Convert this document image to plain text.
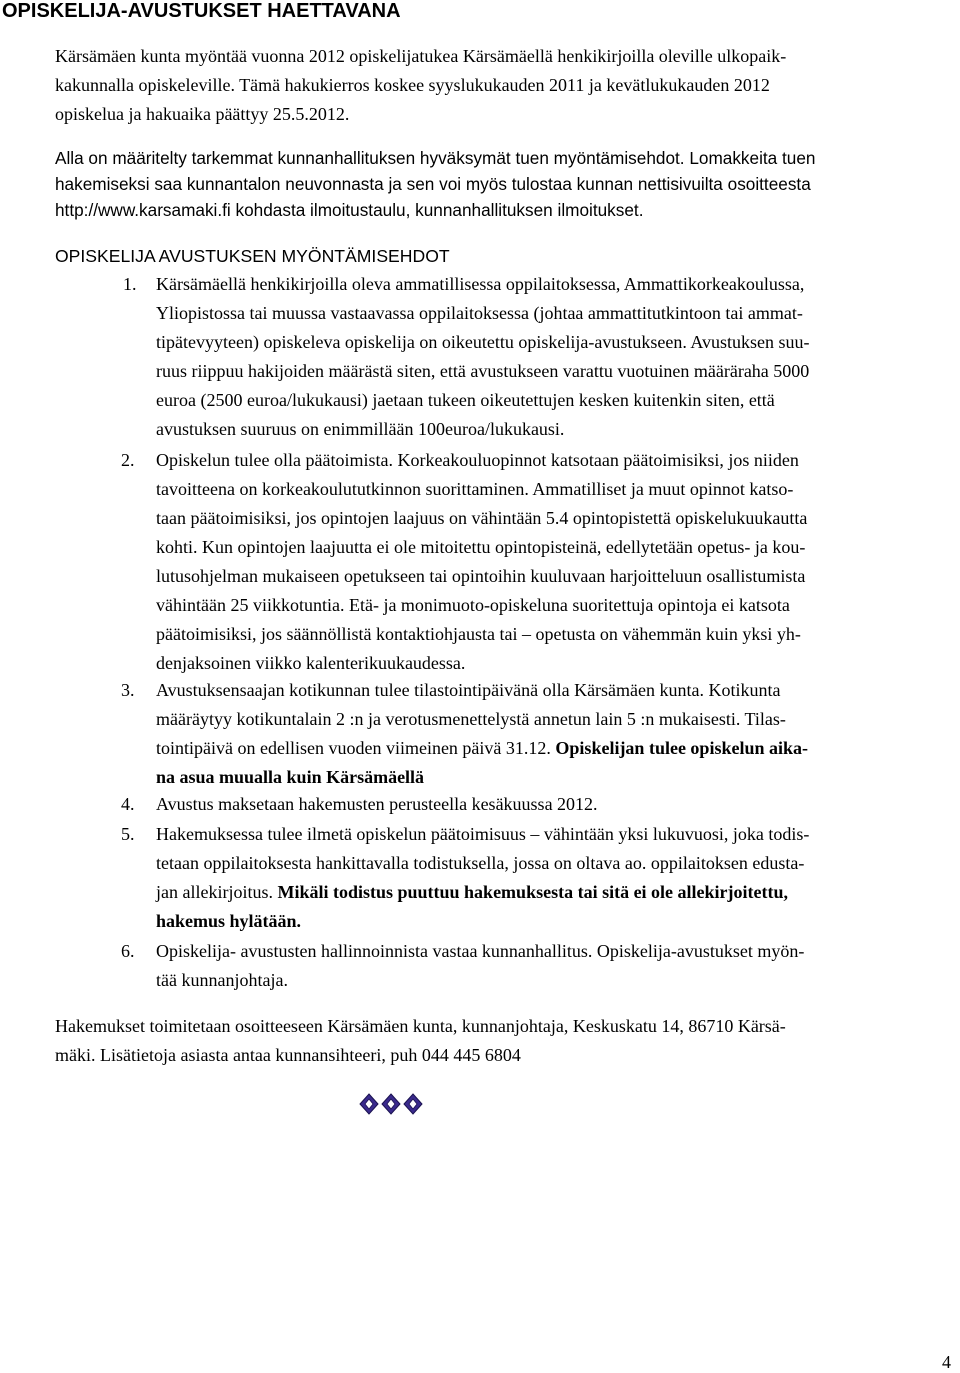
OPISKELIJA-AVUSTUKSET HAETTAVANA
Kärsämäen kunta myöntää vuonna 2012 opiskelijatukea Kärsämäellä henkikirjoilla oleville ulkopaik-
kakunnalla opiskeleville. Tämä hakukierros koskee syyslukukauden 2011 ja kevätlukukauden 2012
opiskelua ja hakuaika päättyy 25.5.2012.
Alla on määritelty tarkemmat kunnanhallituksen hyväksymät tuen myöntämisehdot. Lomakkeita tuen
hakemiseksi saa kunnantalon neuvonnasta ja sen voi myös tulostaa kunnan nettisivuilta osoitteesta
http://www.karsamaki.fi kohdasta ilmoitustaulu, kunnanhallituksen ilmoitukset.
OPISKELIJA AVUSTUKSEN MYÖNTÄMISEHDOT
1.	Kärsämäellä henkikirjoilla oleva ammatillisessa oppilaitoksessa, Ammattikorkeakoulussa,
Yliopistossa tai muussa vastaavassa oppilaitoksessa (johtaa ammattitutkintoon tai ammat-
tipätevyyteen) opiskeleva opiskelija on oikeutettu opiskelija-avustukseen. Avustuksen suu-
ruus riippuu hakijoiden määrästä siten, että avustukseen varattu vuotuinen määräraha 5000
euroa (2500 euroa/lukukausi) jaetaan tukeen oikeutettujen kesken kuitenkin siten, että
avustuksen suuruus on enimmillään 100euroa/lukukausi.
2.	Opiskelun tulee olla päätoimista. Korkeakouluopinnot katsotaan päätoimisiksi, jos niiden
tavoitteena on korkeakoulututkinnon suorittaminen. Ammatilliset ja muut opinnot katso-
taan päätoimisiksi, jos opintojen laajuus on vähintään 5.4 opintopistettä opiskelukuukautta
kohti. Kun opintojen laajuutta ei ole mitoitettu opintopisteinä, edellytetään opetus- ja kou-
lutusohjelman mukaiseen opetukseen tai opintoihin kuuluvaan harjoitteluun osallistumista
vähintään 25 viikkotuntia. Etä- ja monimuoto-opiskeluna suoritettuja opintoja ei katsota
päätoimisiksi, jos säännöllistä kontaktiohjausta tai – opetusta on vähemmän kuin yksi yh-
denjaksoinen viikko kalenterikuukaudessa.
3.	Avustuksensaajan kotikunnan tulee tilastointipäivänä olla Kärsämäen kunta. Kotikunta
määräytyy kotikuntalain 2 :n ja verotusmenettelystä annetun lain 5 :n mukaisesti. Tilas-
tointipäivä on edellisen vuoden viimeinen päivä 31.12. Opiskelijan tulee opiskelun aika-
na asua muualla kuin Kärsämäellä
4.	Avustus maksetaan hakemusten perusteella kesäkuussa 2012.
5.	Hakemuksessa tulee ilmetä opiskelun päätoimisuus – vähintään yksi lukuvuosi, joka todis-
tetaan oppilaitoksesta hankittavalla todistuksella, jossa on oltava ao. oppilaitoksen edusta-
jan allekirjoitus. Mikäli todistus puuttuu hakemuksesta tai sitä ei ole allekirjoitettu,
hakemus hylätään.
6.	Opiskelija- avustusten hallinnoinnista vastaa kunnanhallitus. Opiskelija-avustukset myön-
tää kunnanjohtaja.
Hakemukset toimitetaan osoitteeseen Kärsämäen kunta, kunnanjohtaja, Keskuskatu 14, 86710 Kärsä-
mäki. Lisätietoja asiasta antaa kunnansihteeri, puh 044 445 6804
4
